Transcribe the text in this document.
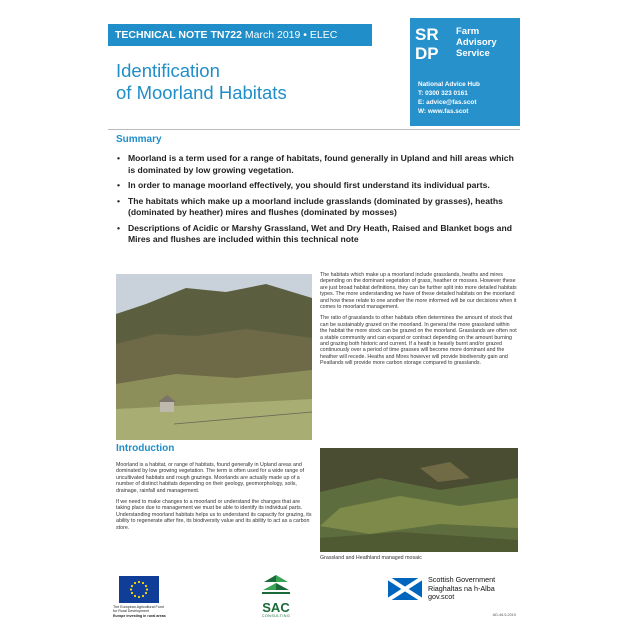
TECHNICAL NOTE TN722 March 2019 • ELEC
Identification
of Moorland Habitats
SR
DP
Farm
Advisory
Service
National Advice Hub
T: 0300 323 0161
E: advice@fas.scot
W: www.fas.scot
Summary
• Moorland is a term used for a range of habitats, found generally in Upland and hill areas which is dominated by low growing vegetation.
• In order to manage moorland effectively, you should first understand its individual parts.
• The habitats which make up a moorland include grasslands (dominated by grasses), heaths (dominated by heather) mires and flushes (dominated by mosses)
• Descriptions of Acidic or Marshy Grassland, Wet and Dry Heath, Raised and Blanket bogs and Mires and flushes are included within this technical note

The habitats which make up a moorland include grasslands, heaths and mires depending on the dominant vegetation of grass, heather or mosses. However these are just broad habitat definitions, they can be further split into more detailed habitats types. The more understanding we have of these detailed habitats on the moorland and how these relate to one another the more informed will be our decisions when it comes to moorland management.

The ratio of grasslands to other habitats often determines the amount of stock that can be sustainably grazed on the moorland. In general the more grassland within the habitat the more stock can be grazed on the moorland. Grasslands are often not a stable community and can expand or contract depending on the amount burning and grazing both historic and current. If a heath is heavily burnt and/or grazed continuously over a period of time grasses will become more dominant and the heather will recede. Heaths and Mires however will provide biodiversity gain and Peatlands will provide more carbon storage compared to grasslands.

Grassland and Heathland managed mosaic
Introduction

Moorland is a habitat, or range of habitats, found generally in Upland areas and dominated by low growing vegetation. The term is often used for a wide range of uncultivated habitats and rough grazings. Moorlands are actually made up of a number of distinct habitats depending on their geology, geomorphology, soils, drainage, rainfall and management.

If we need to make changes to a moorland or understand the changes that are taking place due to management we must be able to identify its individual parts. Understanding moorland habitats helps us to understand its capacity for grazing, its ability to regenerate after fire, its biodiversity value and its ability to act as a carbon store.

The European Agricultural Fund
for Rural Development
Europe investing in rural areas
SAC
CONSULTING
Scottish Government
Riaghaltas na h-Alba
gov.scot
AD-46.5.2019
